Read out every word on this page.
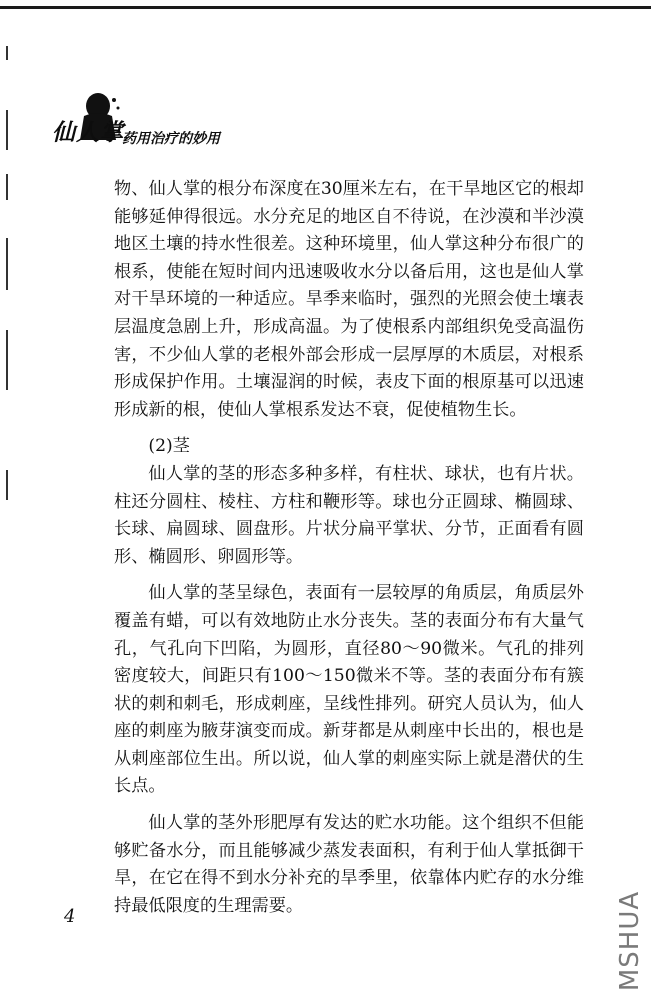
仙人掌
药用治疗的妙用

物、仙人掌的根分布深度在30厘米左右，在干旱地区它的根却能够延伸得很远。水分充足的地区自不待说，在沙漠和半沙漠地区土壤的持水性很差。这种环境里，仙人掌这种分布很广的根系，使能在短时间内迅速吸收水分以备后用，这也是仙人掌对干旱环境的一种适应。旱季来临时，强烈的光照会使土壤表层温度急剧上升，形成高温。为了使根系内部组织免受高温伤害，不少仙人掌的老根外部会形成一层厚厚的木质层，对根系形成保护作用。土壤湿润的时候，表皮下面的根原基可以迅速形成新的根，使仙人掌根系发达不衰，促使植物生长。

(2)茎

仙人掌的茎的形态多种多样，有柱状、球状，也有片状。柱还分圆柱、棱柱、方柱和鞭形等。球也分正圆球、椭圆球、长球、扁圆球、圆盘形。片状分扁平掌状、分节，正面看有圆形、椭圆形、卵圆形等。

仙人掌的茎呈绿色，表面有一层较厚的角质层，角质层外覆盖有蜡，可以有效地防止水分丧失。茎的表面分布有大量气孔，气孔向下凹陷，为圆形，直径80～90微米。气孔的排列密度较大，间距只有100～150微米不等。茎的表面分布有簇状的刺和刺毛，形成刺座，呈线性排列。研究人员认为，仙人座的刺座为腋芽演变而成。新芽都是从刺座中长出的，根也是从刺座部位生出。所以说，仙人掌的刺座实际上就是潜伏的生长点。

仙人掌的茎外形肥厚有发达的贮水功能。这个组织不但能够贮备水分，而且能够减少蒸发表面积，有利于仙人掌抵御干旱，在它在得不到水分补充的旱季里，依靠体内贮存的水分维持最低限度的生理需要。

4	MSHUA
